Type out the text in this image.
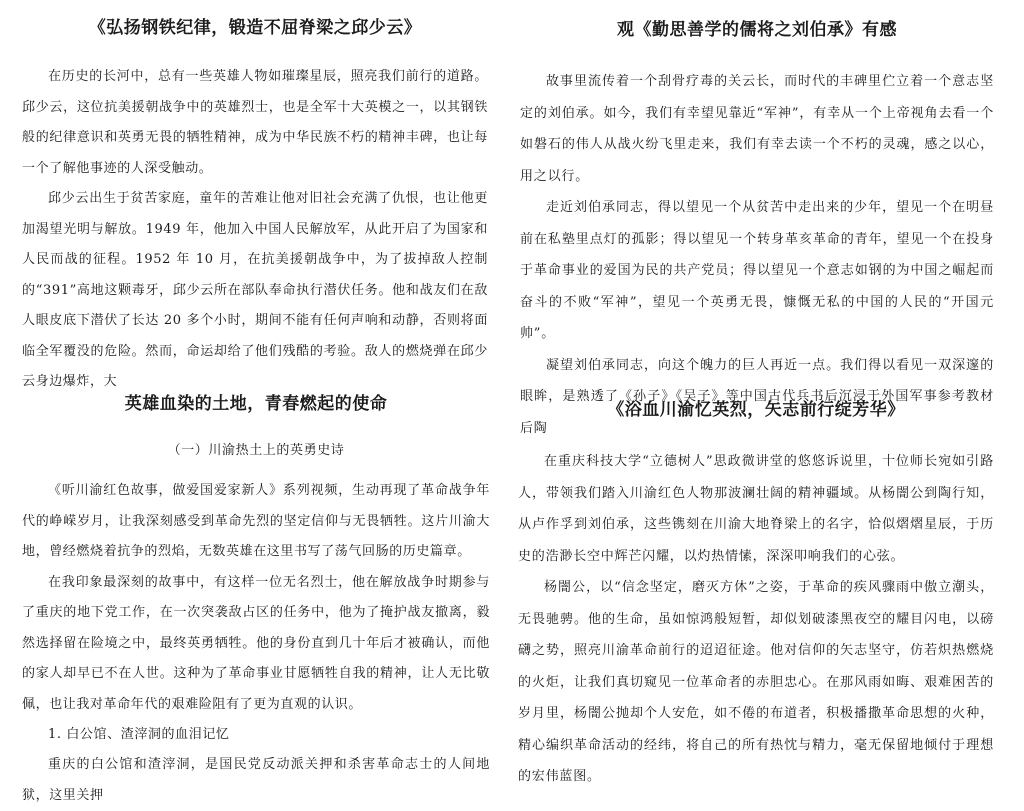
《弘扬钢铁纪律，锻造不屈脊梁之邱少云》

在历史的长河中，总有一些英雄人物如璀璨星辰，照亮我们前行的道路。邱少云，这位抗美援朝战争中的英雄烈士，也是全军十大英模之一，以其钢铁般的纪律意识和英勇无畏的牺牲精神，成为中华民族不朽的精神丰碑，也让每一个了解他事迹的人深受触动。

邱少云出生于贫苦家庭，童年的苦难让他对旧社会充满了仇恨，也让他更加渴望光明与解放。1949 年，他加入中国人民解放军，从此开启了为国家和人民而战的征程。1952 年 10 月，在抗美援朝战争中，为了拔掉敌人控制的“391”高地这颗毒牙，邱少云所在部队奉命执行潜伏任务。他和战友们在敌人眼皮底下潜伏了长达 20 多个小时，期间不能有任何声响和动静，否则将面临全军覆没的危险。然而，命运却给了他们残酷的考验。敌人的燃烧弹在邱少云身边爆炸，大

观《勤思善学的儒将之刘伯承》有感

故事里流传着一个刮骨疗毒的关云长，而时代的丰碑里伫立着一个意志坚定的刘伯承。如今，我们有幸望见靠近“军神”，有幸从一个上帝视角去看一个如磐石的伟人从战火纷飞里走来，我们有幸去读一个不朽的灵魂，感之以心，用之以行。

走近刘伯承同志，得以望见一个从贫苦中走出来的少年，望见一个在明昼前在私塾里点灯的孤影；得以望见一个转身革亥革命的青年，望见一个在投身于革命事业的爱国为民的共产党员；得以望见一个意志如钢的为中国之崛起而奋斗的不败“军神”，望见一个英勇无畏，慷慨无私的中国的人民的“开国元帅”。

凝望刘伯承同志，向这个魄力的巨人再近一点。我们得以看见一双深邃的眼眸，是熟透了《孙子》《吴子》等中国古代兵书后沉浸于外国军事参考教材后陶

英雄血染的土地，青春燃起的使命
（一）川渝热土上的英勇史诗

《听川渝红色故事，做爱国爱家新人》系列视频，生动再现了革命战争年代的峥嵘岁月，让我深刻感受到革命先烈的坚定信仰与无畏牺牲。这片川渝大地，曾经燃烧着抗争的烈焰，无数英雄在这里书写了荡气回肠的历史篇章。

在我印象最深刻的故事中，有这样一位无名烈士，他在解放战争时期参与了重庆的地下党工作，在一次突袭敌占区的任务中，他为了掩护战友撤离，毅然选择留在险境之中，最终英勇牺牲。他的身份直到几十年后才被确认，而他的家人却早已不在人世。这种为了革命事业甘愿牺牲自我的精神，让人无比敬佩，也让我对革命年代的艰难险阻有了更为直观的认识。

1. 白公馆、渣滓洞的血泪记忆

重庆的白公馆和渣滓洞，是国民党反动派关押和杀害革命志士的人间地狱，这里关押

《浴血川渝忆英烈，矢志前行绽芳华》

在重庆科技大学“立德树人”思政微讲堂的悠悠诉说里，十位师长宛如引路人，带领我们踏入川渝红色人物那波澜壮阔的精神疆域。从杨闇公到陶行知，从卢作孚到刘伯承，这些镌刻在川渝大地脊梁上的名字，恰似熠熠星辰，于历史的浩渺长空中辉芒闪耀，以灼热情愫，深深叩响我们的心弦。

杨闇公，以“信念坚定，磨灭方休”之姿，于革命的疾风骤雨中傲立潮头，无畏驰骋。他的生命，虽如惊鸿般短暂，却似划破漆黑夜空的耀目闪电，以磅礴之势，照亮川渝革命前行的迢迢征途。他对信仰的矢志坚守，仿若炽热燃烧的火炬，让我们真切窥见一位革命者的赤胆忠心。在那风雨如晦、艰难困苦的岁月里，杨闇公抛却个人安危，如不倦的布道者，积极播撒革命思想的火种，精心编织革命活动的经纬，将自己的所有热忱与精力，毫无保留地倾付于理想的宏伟蓝图。
